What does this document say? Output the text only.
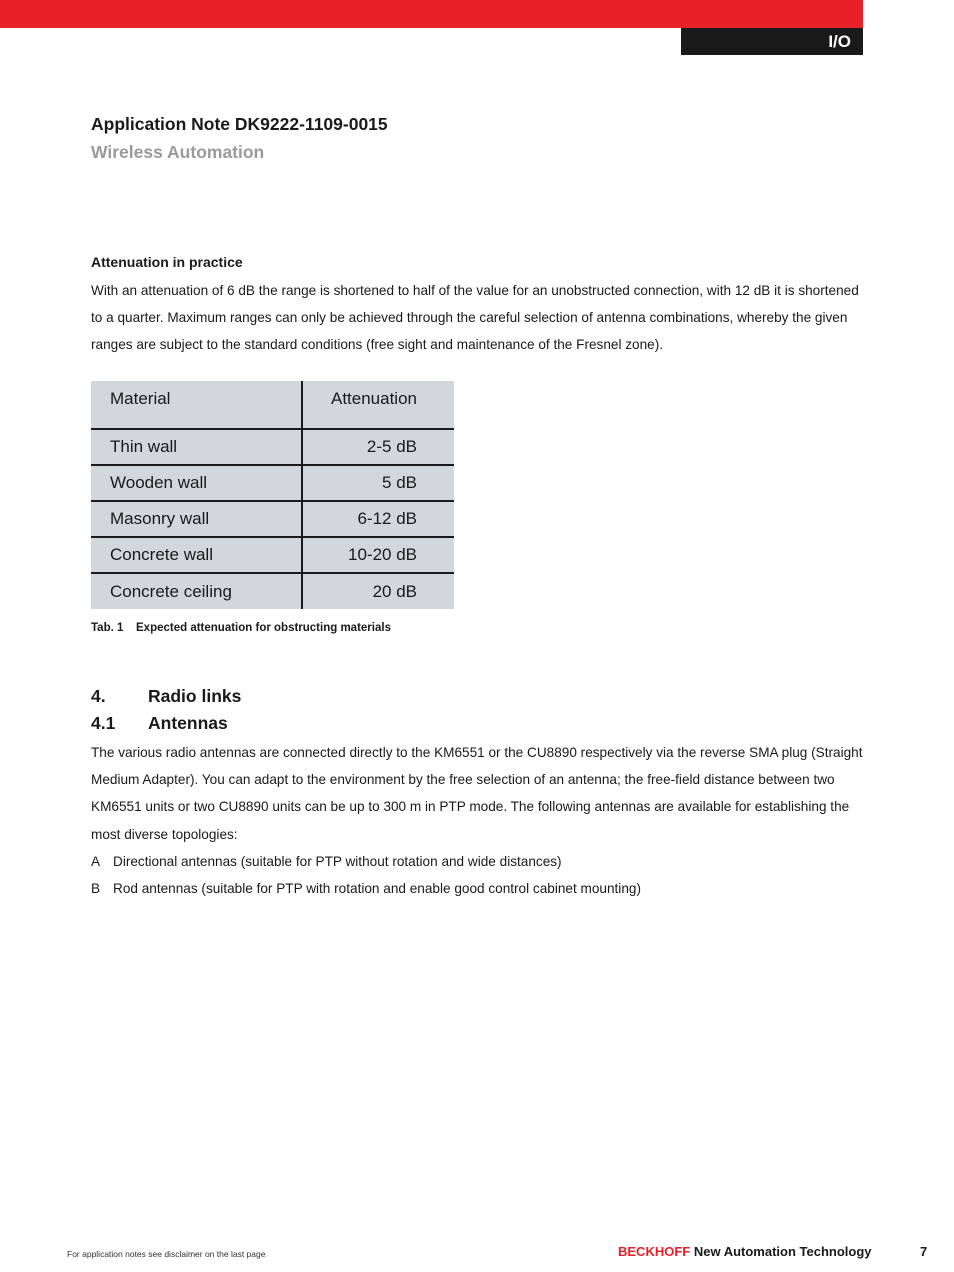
I/O
Application Note DK9222-1109-0015
Wireless Automation
Attenuation in practice
With an attenuation of 6 dB the range is shortened to half of the value for an unobstructed connection, with 12 dB it is shortened to a quarter. Maximum ranges can only be achieved through the careful selection of antenna combinations, whereby the given ranges are subject to the standard conditions (free sight and maintenance of the Fresnel zone).
Material	Attenuation
Thin wall	2-5 dB
Wooden wall	5 dB
Masonry wall	6-12 dB
Concrete wall	10-20 dB
Concrete ceiling	20 dB
Tab. 1 Expected attenuation for obstructing materials
4. Radio links
4.1 Antennas
The various radio antennas are connected directly to the KM6551 or the CU8890 respectively via the reverse SMA plug (Straight Medium Adapter). You can adapt to the environment by the free selection of an antenna; the free-field distance between two KM6551 units or two CU8890 units can be up to 300 m in PTP mode. The following antennas are available for establishing the most diverse topologies:
A Directional antennas (suitable for PTP without rotation and wide distances)
B Rod antennas (suitable for PTP with rotation and enable good control cabinet mounting)
For application notes see disclaimer on the last page	BECKHOFF New Automation Technology	7
